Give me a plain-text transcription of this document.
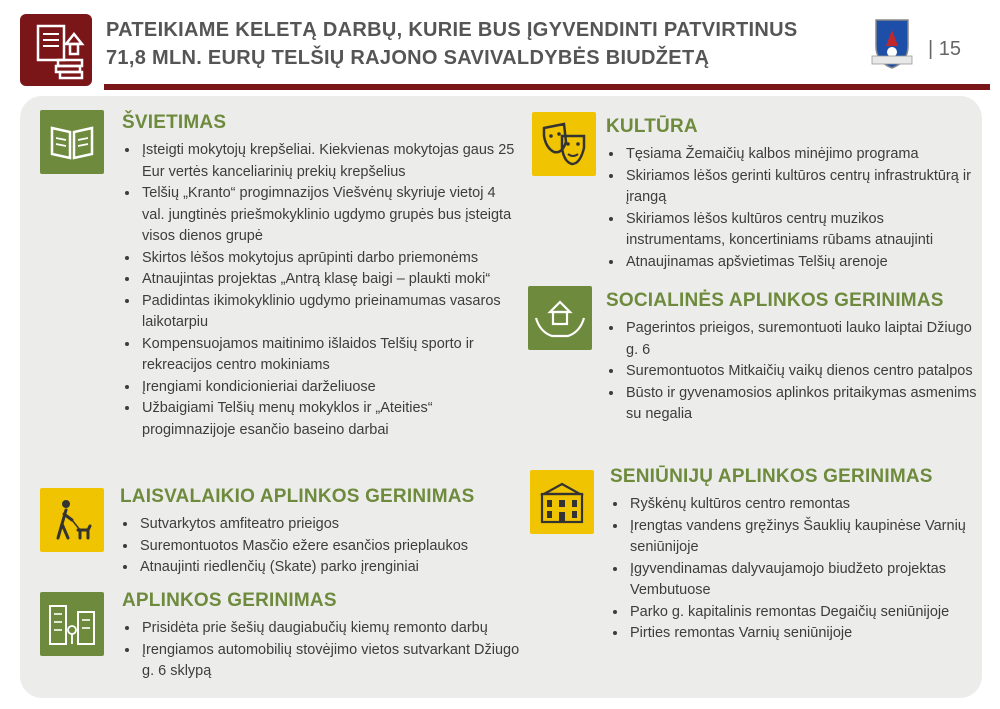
PATEIKIAME KELETĄ DARBŲ, KURIE BUS ĮGYVENDINTI PATVIRTINUS
71,8 MLN. EURŲ TELŠIŲ RAJONO SAVIVALDYBĖS BIUDŽETĄ	| 15
ŠVIETIMAS
• Įsteigti mokytojų krepšeliai. Kiekvienas mokytojas gaus 25 Eur vertės kanceliarinių prekių krepšelius
• Telšių „Kranto“ progimnazijos Viešvėnų skyriuje vietoj 4 val. jungtinės priešmokyklinio ugdymo grupės bus įsteigta visos dienos grupė
• Skirtos lėšos mokytojus aprūpinti darbo priemonėms
• Atnaujintas projektas „Antrą klasę baigi – plaukti moki“
• Padidintas ikimokyklinio ugdymo prieinamumas vasaros laikotarpiu
• Kompensuojamos maitinimo išlaidos Telšių sporto ir rekreacijos centro mokiniams
• Įrengiami kondicionieriai darželiuose
• Užbaigiami Telšių menų mokyklos ir „Ateities“ progimnazijoje esančio baseino darbai
LAISVALAIKIO APLINKOS GERINIMAS
• Sutvarkytos amfiteatro prieigos
• Suremontuotos Masčio ežere esančios prieplaukos
• Atnaujinti riedlenčių (Skate) parko įrenginiai
APLINKOS GERINIMAS
• Prisidėta prie šešių daugiabučių kiemų remonto darbų
• Įrengiamos automobilių stovėjimo vietos sutvarkant Džiugo g. 6 sklypą
KULTŪRA
• Tęsiama Žemaičių kalbos minėjimo programa
• Skiriamos lėšos gerinti kultūros centrų infrastruktūrą ir įrangą
• Skiriamos lėšos kultūros centrų muzikos instrumentams, koncertiniams rūbams atnaujinti
• Atnaujinamas apšvietimas Telšių arenoje
SOCIALINĖS APLINKOS GERINIMAS
• Pagerintos prieigos, suremontuoti lauko laiptai Džiugo g. 6
• Suremontuotos Mitkaičių vaikų dienos centro patalpos
• Būsto ir gyvenamosios aplinkos pritaikymas asmenims su negalia
SENIŪNIJŲ APLINKOS GERINIMAS
• Ryškėnų kultūros centro remontas
• Įrengtas vandens gręžinys Šauklių kaupinėse Varnių seniūnijoje
• Įgyvendinamas dalyvaujamojo biudžeto projektas Vembutuose
• Parko g. kapitalinis remontas Degaičių seniūnijoje
• Pirties remontas Varnių seniūnijoje
